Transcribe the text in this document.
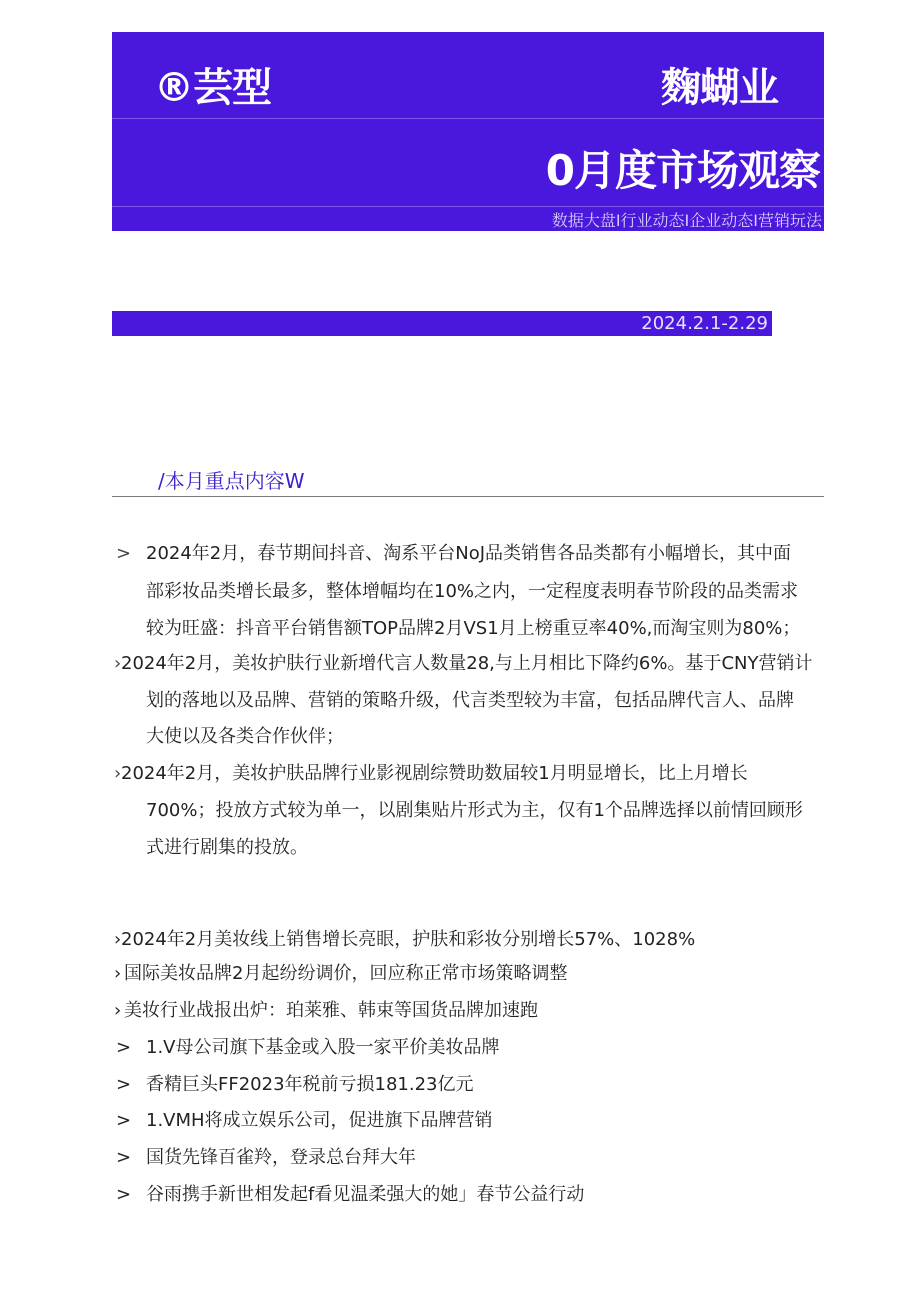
®芸型	麴蝴业
0月度市场观察
数据大盘I行业动态I企业动态I营销玩法
2024.2.1-2.29
/本月重点内容W
> 2024年2月，春节期间抖音、淘系平台NoJ品类销售各品类都有小幅增长，其中面
部彩妆品类增长最多，整体增幅均在10%之内，一定程度表明春节阶段的品类需求
较为旺盛：抖音平台销售额TOP品牌2月VS1月上榜重豆率40%,而淘宝则为80%；
› 2024年2月，美妆护肤行业新增代言人数量28,与上月相比下降约6%。基于CNY营销计
划的落地以及品牌、营销的策略升级，代言类型较为丰富，包括品牌代言人、品牌
大使以及各类合作伙伴；
› 2024年2月，美妆护肤品牌行业影视剧综赞助数届较1月明显增长，比上月增长
700%；投放方式较为单一，以剧集贴片形式为主，仅有1个品牌选择以前情回顾形
式进行剧集的投放。
› 2024年2月美妆线上销售增长亮眼，护肤和彩妆分别增长57%、1028%
› 国际美妆品牌2月起纷纷调价，回应称正常市场策略调整
› 美妆行业战报出炉：珀莱雅、韩束等国货品牌加速跑
> 1.V母公司旗下基金或入股一家平价美妆品牌
> 香精巨头FF2023年税前亏损181.23亿元
> 1.VMH将成立娱乐公司，促进旗下品牌营销
> 国货先锋百雀羚，登录总台拜大年
> 谷雨携手新世相发起f看见温柔强大的她」春节公益行动
